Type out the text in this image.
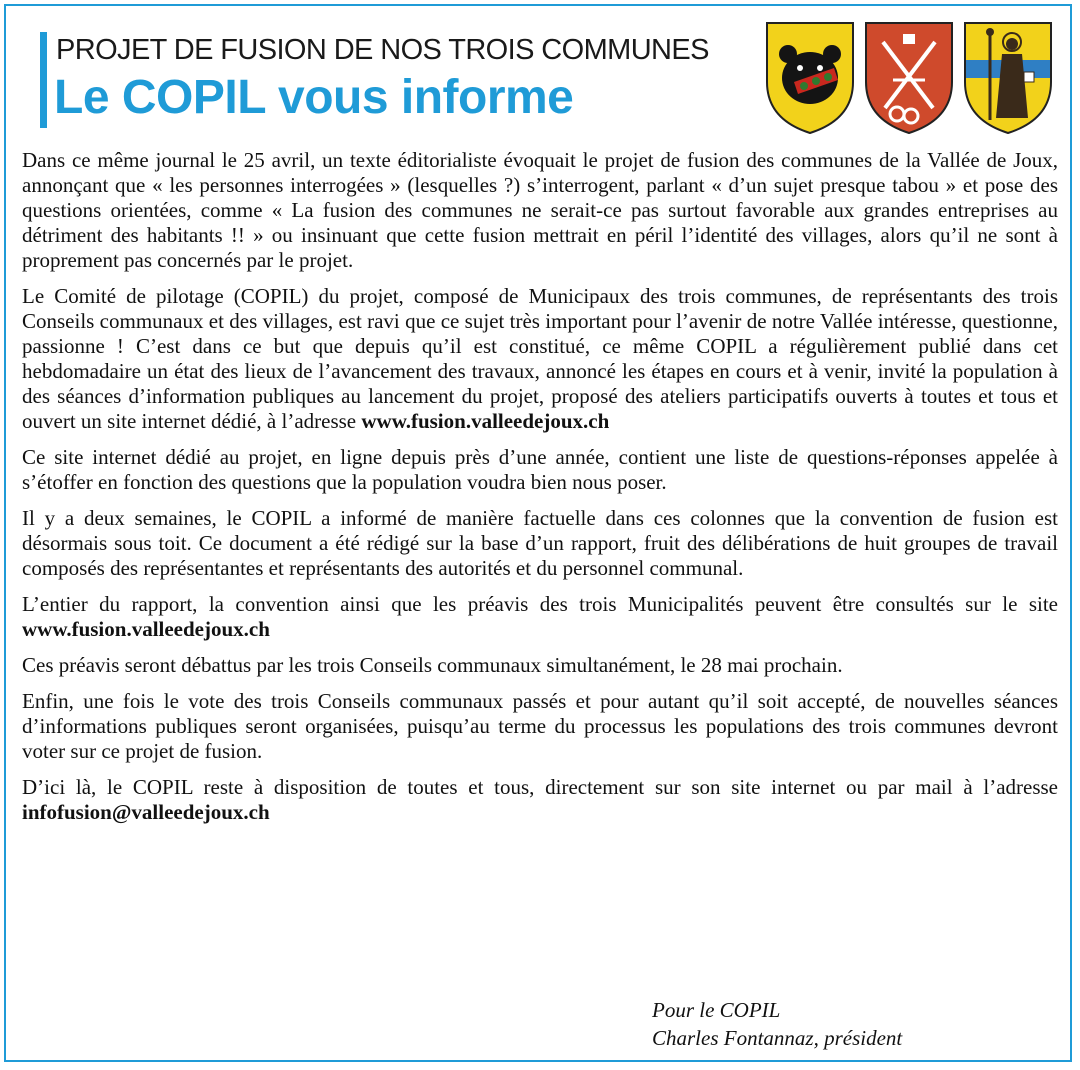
PROJET DE FUSION DE NOS TROIS COMMUNES
Le COPIL vous informe

Dans ce même journal le 25 avril, un texte éditorialiste évoquait le projet de fusion des communes de la Vallée de Joux, annonçant que « les personnes interrogées » (lesquelles ?) s’interrogent, parlant « d’un sujet presque tabou » et pose des questions orientées, comme « La fusion des communes ne serait-ce pas surtout favorable aux grandes entreprises au détriment des habitants !! » ou insinuant que cette fusion mettrait en péril l’identité des villages, alors qu’il ne sont à proprement pas concernés par le projet.

Le Comité de pilotage (COPIL) du projet, composé de Municipaux des trois communes, de représentants des trois Conseils communaux et des villages, est ravi que ce sujet très important pour l’avenir de notre Vallée intéresse, questionne, passionne ! C’est dans ce but que depuis qu’il est constitué, ce même COPIL a régulièrement publié dans cet hebdomadaire un état des lieux de l’avancement des travaux, annoncé les étapes en cours et à venir, invité la population à des séances d’information publiques au lancement du projet, proposé des ateliers participatifs ouverts à toutes et tous et ouvert un site internet dédié, à l’adresse www.fusion.valleedejoux.ch

Ce site internet dédié au projet, en ligne depuis près d’une année, contient une liste de questions-réponses appelée à s’étoffer en fonction des questions que la population voudra bien nous poser.

Il y a deux semaines, le COPIL a informé de manière factuelle dans ces colonnes que la convention de fusion est désormais sous toit. Ce document a été rédigé sur la base d’un rapport, fruit des délibérations de huit groupes de travail composés des représentantes et représentants des autorités et du personnel communal.

L’entier du rapport, la convention ainsi que les préavis des trois Municipalités peuvent être consultés sur le site www.fusion.valleedejoux.ch

Ces préavis seront débattus par les trois Conseils communaux simultanément, le 28 mai prochain.

Enfin, une fois le vote des trois Conseils communaux passés et pour autant qu’il soit accepté, de nouvelles séances d’informations publiques seront organisées, puisqu’au terme du processus les populations des trois communes devront voter sur ce projet de fusion.

D’ici là, le COPIL reste à disposition de toutes et tous, directement sur son site internet ou par mail à l’adresse infofusion@valleedejoux.ch

Pour le COPIL
Charles Fontannaz, président
